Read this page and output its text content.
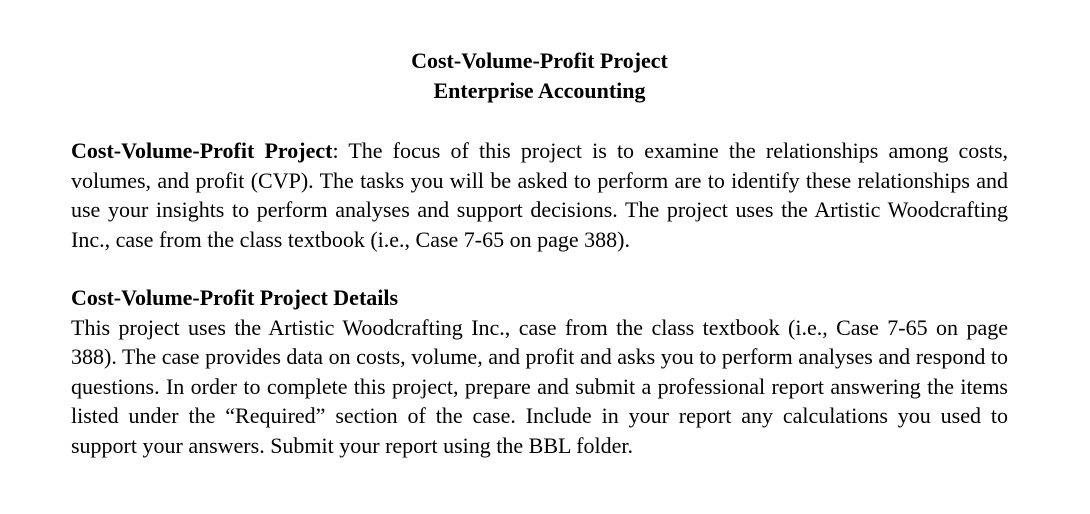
Cost-Volume-Profit Project
Enterprise Accounting

Cost-Volume-Profit Project: The focus of this project is to examine the relationships among costs, volumes, and profit (CVP). The tasks you will be asked to perform are to identify these relationships and use your insights to perform analyses and support decisions. The project uses the Artistic Woodcrafting Inc., case from the class textbook (i.e., Case 7-65 on page 388).

Cost-Volume-Profit Project Details

This project uses the Artistic Woodcrafting Inc., case from the class textbook (i.e., Case 7-65 on page 388). The case provides data on costs, volume, and profit and asks you to perform analyses and respond to questions. In order to complete this project, prepare and submit a professional report answering the items listed under the “Required” section of the case. Include in your report any calculations you used to support your answers. Submit your report using the BBL folder.
